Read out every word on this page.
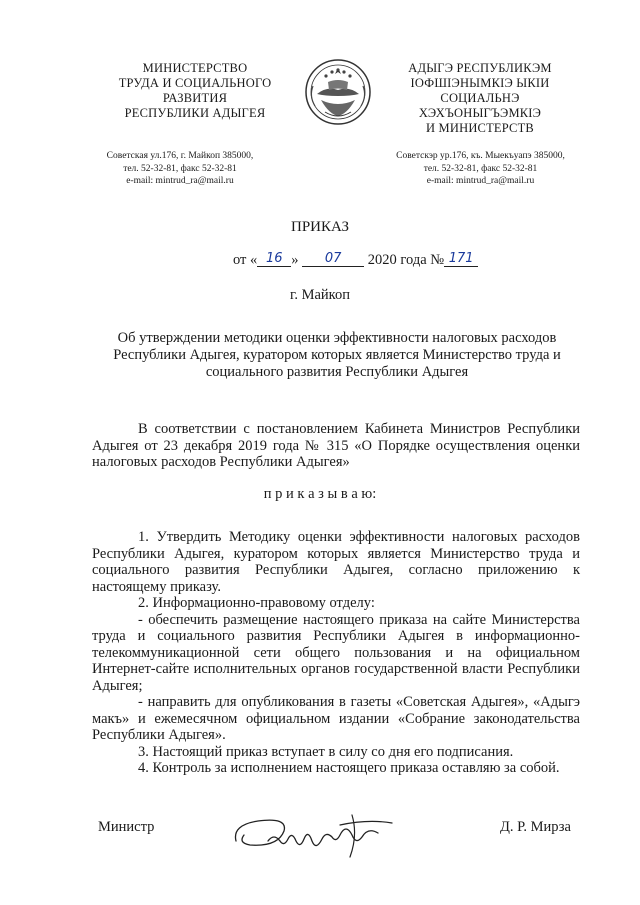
МИНИСТЕРСТВО
ТРУДА И СОЦИАЛЬНОГО
РАЗВИТИЯ
РЕСПУБЛИКИ АДЫГЕЯ
Советская ул.176, г. Майкоп 385000,
тел. 52-32-81, факс 52-32-81
e-mail: mintrud_ra@mail.ru
АДЫГЭ РЕСПУБЛИКЭМ
IОФШIЭНЫМКIЭ ЫКIИ
СОЦИАЛЬНЭ
ХЭХЪОНЫГЪЭМКIЭ
И МИНИСТЕРСТВ
Советскэр ур.176, къ. Мыекъуапэ 385000,
тел. 52-32-81, факс 52-32-81
e-mail: mintrud_ra@mail.ru
ПРИКАЗ
от « 16 » 07 2020 года № 171
г. Майкоп
Об утверждении методики оценки эффективности налоговых расходов Республики Адыгея, куратором которых является Министерство труда и социального развития Республики Адыгея
В соответствии с постановлением Кабинета Министров Республики Адыгея от 23 декабря 2019 года № 315 «О Порядке осуществления оценки налоговых расходов Республики Адыгея»
п р и к а з ы в а ю:
1. Утвердить Методику оценки эффективности налоговых расходов Республики Адыгея, куратором которых является Министерство труда и социального развития Республики Адыгея, согласно приложению к настоящему приказу.
2. Информационно-правовому отделу:
- обеспечить размещение настоящего приказа на сайте Министерства труда и социального развития Республики Адыгея в информационно-телекоммуникационной сети общего пользования и на официальном Интернет-сайте исполнительных органов государственной власти Республики Адыгея;
- направить для опубликования в газеты «Советская Адыгея», «Адыгэ макъ» и ежемесячном официальном издании «Собрание законодательства Республики Адыгея».
3. Настоящий приказ вступает в силу со дня его подписания.
4. Контроль за исполнением настоящего приказа оставляю за собой.
Министр	Д. Р. Мирза
